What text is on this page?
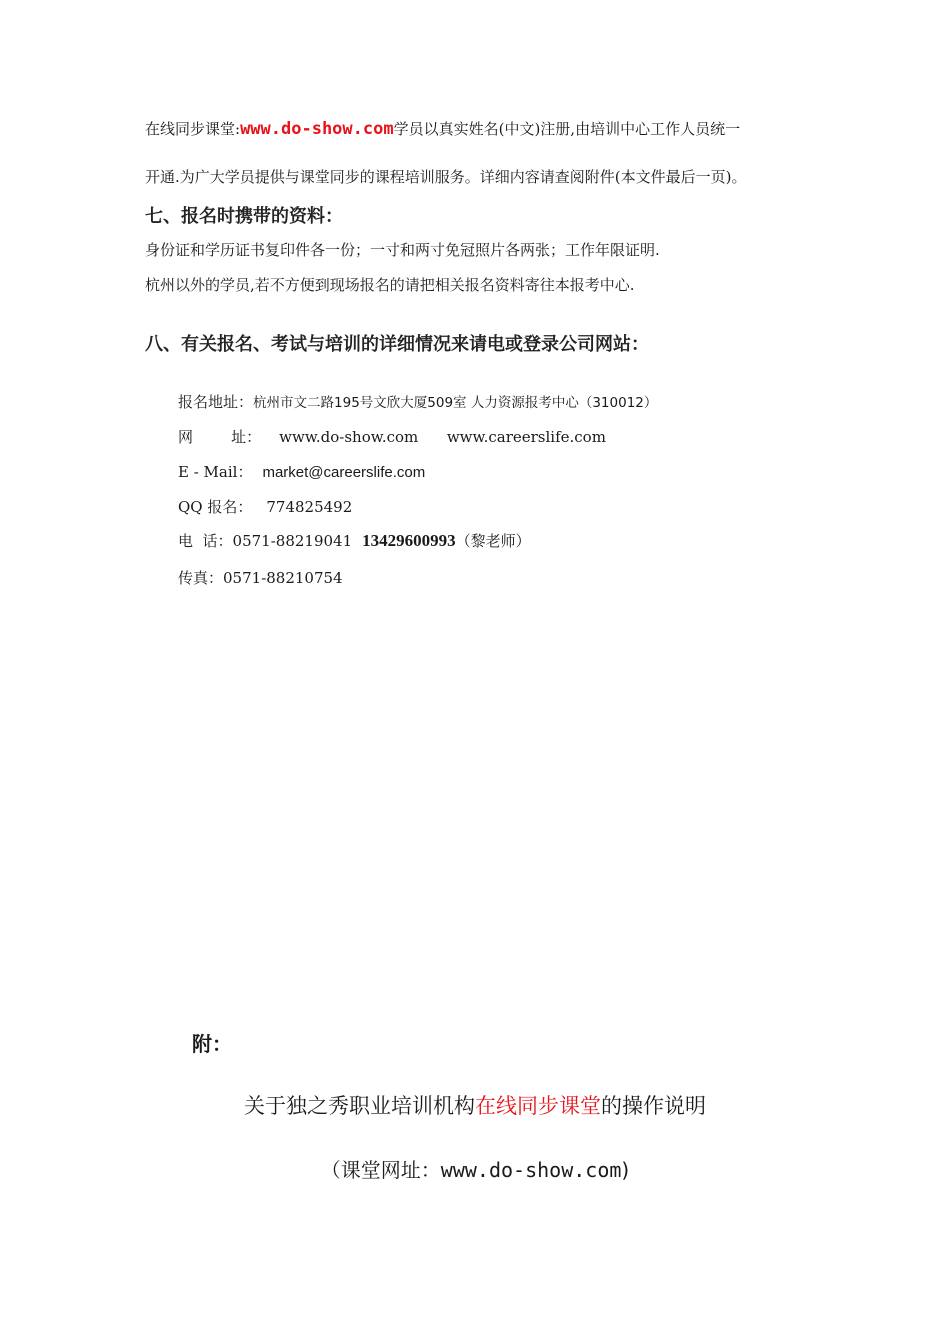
在线同步课堂:www.do-show.com学员以真实姓名(中文)注册,由培训中心工作人员统一
开通.为广大学员提供与课堂同步的课程培训服务。详细内容请查阅附件(本文件最后一页)。
七、报名时携带的资料：
身份证和学历证书复印件各一份；一寸和两寸免冠照片各两张；工作年限证明.
杭州以外的学员,若不方便到现场报名的请把相关报名资料寄往本报考中心.
八、有关报名、考试与培训的详细情况来请电或登录公司网站：
报名地址：杭州市文二路195号文欣大厦509室 人力资源报考中心（310012）
网        址： www.do-show.com      www.careerslife.com
E - Mail： market@careerslife.com
QQ 报名： 774825492
电  话：0571-88219041 13429600993（黎老师）
传真：0571-88210754
附：
关于独之秀职业培训机构在线同步课堂的操作说明
（课堂网址：www.do-show.com)
